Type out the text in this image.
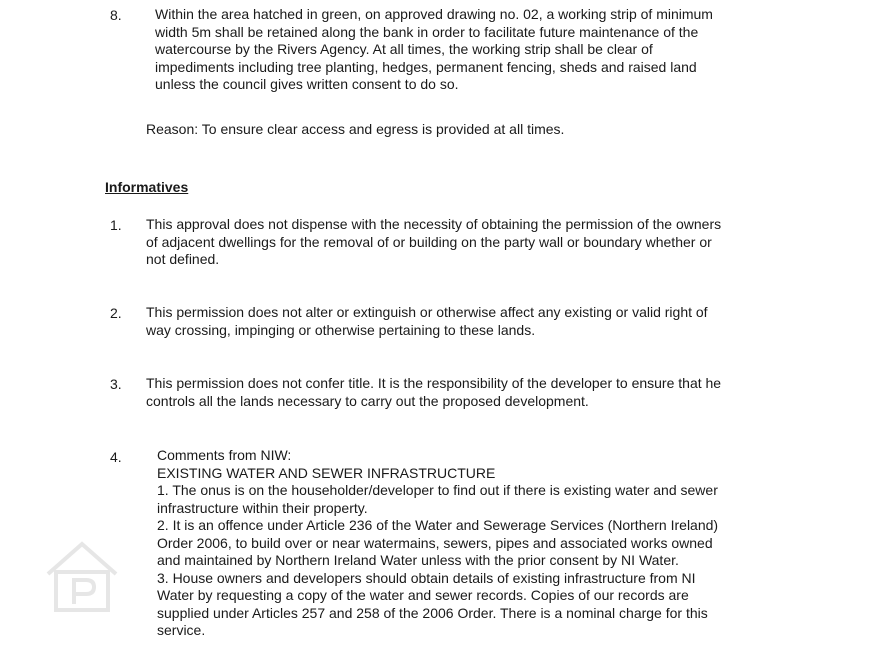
8. Within the area hatched in green, on approved drawing no. 02, a working strip of minimum
width 5m shall be retained along the bank in order to facilitate future maintenance of the
watercourse by the Rivers Agency. At all times, the working strip shall be clear of
impediments including tree planting, hedges, permanent fencing, sheds and raised land
unless the council gives written consent to do so.
Reason: To ensure clear access and egress is provided at all times.
Informatives
1. This approval does not dispense with the necessity of obtaining the permission of the owners
of adjacent dwellings for the removal of or building on the party wall or boundary whether or
not defined.
2. This permission does not alter or extinguish or otherwise affect any existing or valid right of
way crossing, impinging or otherwise pertaining to these lands.
3. This permission does not confer title. It is the responsibility of the developer to ensure that he
controls all the lands necessary to carry out the proposed development.
4.	Comments from NIW:
EXISTING WATER AND SEWER INFRASTRUCTURE
1. The onus is on the householder/developer to find out if there is existing water and sewer
infrastructure within their property.
2. It is an offence under Article 236 of the Water and Sewerage Services (Northern Ireland)
Order 2006, to build over or near watermains, sewers, pipes and associated works owned
and maintained by Northern Ireland Water unless with the prior consent by NI Water.
3. House owners and developers should obtain details of existing infrastructure from NI
Water by requesting a copy of the water and sewer records. Copies of our records are
supplied under Articles 257 and 258 of the 2006 Order. There is a nominal charge for this
service.
